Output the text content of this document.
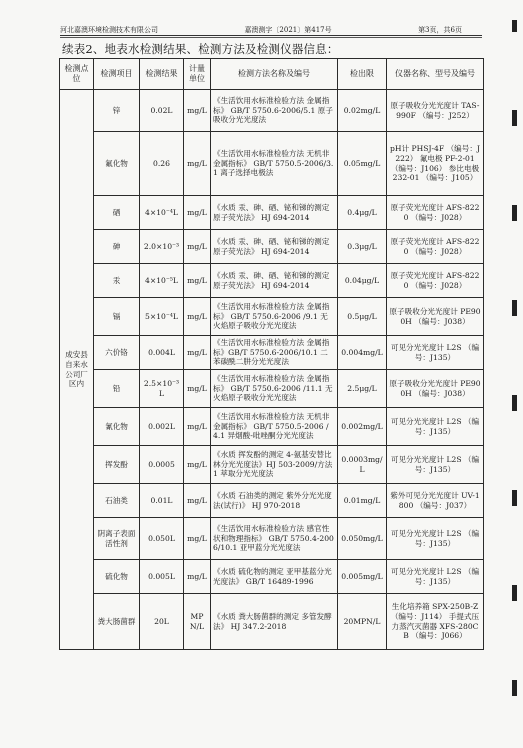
河北嘉澳环境检测技术有限公司	嘉澳测字〔2021〕第417号	第3页，共6页
续表2、地表水检测结果、检测方法及检测仪器信息：
检测点位	检测项目	检测结果	计量单位	检测方法名称及编号	检出限	仪器名称、型号及编号
成安县自来水公司厂区内	锌	0.02L	mg/L	《生活饮用水标准检验方法 金属指标》 GB/T 5750.6-2006/5.1 原子吸收分光光度法	0.02mg/L	原子吸收分光光度计 TAS-990F （编号：J252）
	氟化物	0.26	mg/L	《生活饮用水标准检验方法 无机非金属指标》 GB/T 5750.5-2006/3.1 离子选择电极法	0.05mg/L	pH计 PHSJ-4F （编号：J222） 氟电极 PF-2-01 （编号：J106） 参比电极 232-01 （编号：J105）
	硒	4×10⁻⁴L	mg/L	《水质 汞、砷、硒、铋和锑的测定 原子荧光法》 HJ 694-2014	0.4μg/L	原子荧光光度计 AFS-8220 （编号：J028）
	砷	2.0×10⁻³	mg/L	《水质 汞、砷、硒、铋和锑的测定 原子荧光法》 HJ 694-2014	0.3μg/L	原子荧光光度计 AFS-8220 （编号：J028）
	汞	4×10⁻⁵L	mg/L	《水质 汞、砷、硒、铋和锑的测定 原子荧光法》 HJ 694-2014	0.04μg/L	原子荧光光度计 AFS-8220 （编号：J028）
	镉	5×10⁻⁴L	mg/L	《生活饮用水标准检验方法 金属指标》 GB/T 5750.6-2006 /9.1 无火焰原子吸收分光光度法	0.5μg/L	原子吸收分光光度计 PE900H （编号：J038）
	六价铬	0.004L	mg/L	《生活饮用水标准检验方法 金属指标》GB/T 5750.6-2006/10.1 二苯碳酰二肼分光光度法	0.004mg/L	可见分光光度计 L2S （编号：J135）
	铅	2.5×10⁻³L	mg/L	《生活饮用水标准检验方法 金属指标》 GB/T 5750.6-2006 /11.1 无火焰原子吸收分光光度法	2.5μg/L	原子吸收分光光度计 PE900H （编号：J038）
	氰化物	0.002L	mg/L	《生活饮用水标准检验方法 无机非金属指标》 GB/T 5750.5-2006 /4.1 异烟酸-吡唑酮分光光度法	0.002mg/L	可见分光光度计 L2S （编号：J135）
	挥发酚	0.0005	mg/L	《水质 挥发酚的测定 4-氨基安替比林分光光度法》HJ 503-2009/方法1 萃取分光光度法	0.0003mg/L	可见分光光度计 L2S （编号：J135）
	石油类	0.01L	mg/L	《水质 石油类的测定 紫外分光光度法(试行)》 HJ 970-2018	0.01mg/L	紫外可见分光光度计 UV-1800 （编号：J037）
	阴离子表面活性剂	0.050L	mg/L	《生活饮用水标准检验方法 感官性状和物理指标》 GB/T 5750.4-2006/10.1 亚甲蓝分光光度法	0.050mg/L	可见分光光度计 L2S （编号：J135）
	硫化物	0.005L	mg/L	《水质 硫化物的测定 亚甲基蓝分光光度法》 GB/T 16489-1996	0.005mg/L	可见分光光度计 L2S （编号：J135）
	粪大肠菌群	20L	MPN/L	《水质 粪大肠菌群的测定 多管发酵法》 HJ 347.2-2018	20MPN/L	生化培养箱 SPX-250B-Z （编号：J114） 手提式压力蒸汽灭菌器 XFS-280CB （编号：J066）
